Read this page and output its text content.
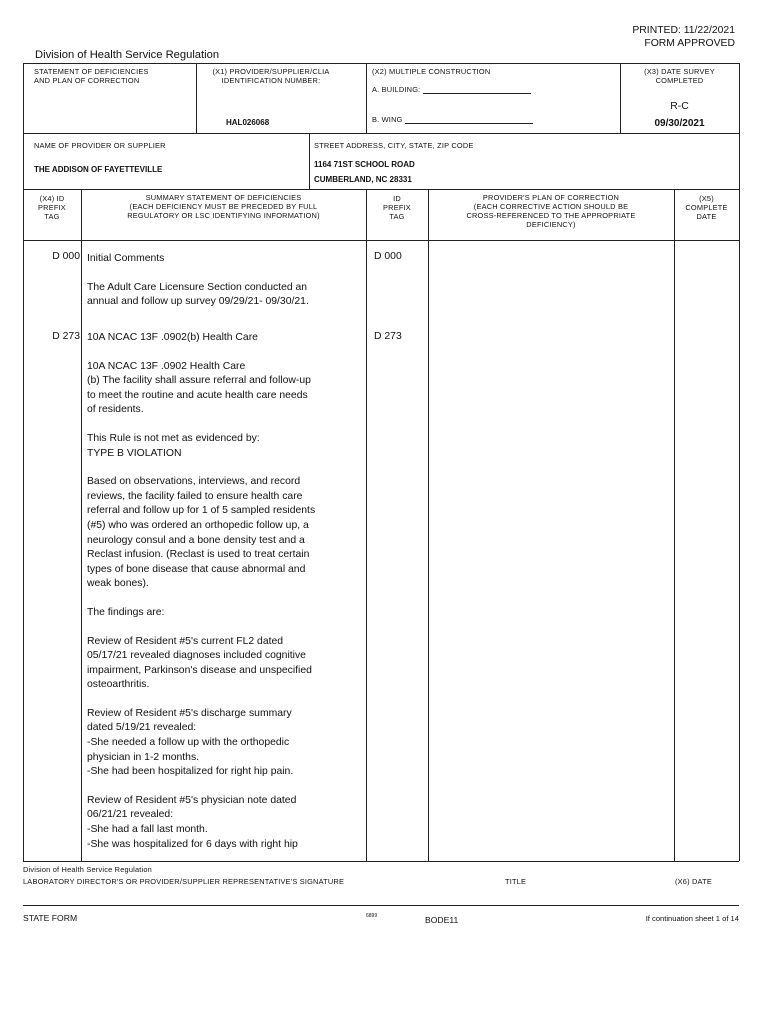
PRINTED: 11/22/2021
FORM APPROVED
Division of Health Service Regulation
STATEMENT OF DEFICIENCIES
AND PLAN OF CORRECTION
(X1) PROVIDER/SUPPLIER/CLIA
IDENTIFICATION NUMBER:
HAL026068
(X2) MULTIPLE CONSTRUCTION
A. BUILDING:
B. WING
(X3) DATE SURVEY
COMPLETED
R-C
09/30/2021
NAME OF PROVIDER OR SUPPLIER
THE ADDISON OF FAYETTEVILLE
STREET ADDRESS, CITY, STATE, ZIP CODE
1164 71ST SCHOOL ROAD
CUMBERLAND, NC 28331
(X4) ID
PREFIX
TAG
SUMMARY STATEMENT OF DEFICIENCIES
(EACH DEFICIENCY MUST BE PRECEDED BY FULL
REGULATORY OR LSC IDENTIFYING INFORMATION)
ID
PREFIX
TAG
PROVIDER'S PLAN OF CORRECTION
(EACH CORRECTIVE ACTION SHOULD BE
CROSS-REFERENCED TO THE APPROPRIATE
DEFICIENCY)
(X5)
COMPLETE
DATE
D 000	D 000

Initial Comments

The Adult Care Licensure Section conducted an
annual and follow up survey 09/29/21- 09/30/21.

D 273	D 273

10A NCAC 13F .0902(b) Health Care

10A NCAC 13F .0902 Health Care
(b) The facility shall assure referral and follow-up
to meet the routine and acute health care needs
of residents.

This Rule is not met as evidenced by:
TYPE B VIOLATION

Based on observations, interviews, and record
reviews, the facility failed to ensure health care
referral and follow up for 1 of 5 sampled residents
(#5) who was ordered an orthopedic follow up, a
neurology consul and a bone density test and a
Reclast infusion. (Reclast is used to treat certain
types of bone disease that cause abnormal and
weak bones).

The findings are:

Review of Resident #5's current FL2 dated
05/17/21 revealed diagnoses included cognitive
impairment, Parkinson's disease and unspecified
osteoarthritis.

Review of Resident #5's discharge summary
dated 5/19/21 revealed:
-She needed a follow up with the orthopedic
physician in 1-2 months.
-She had been hospitalized for right hip pain.

Review of Resident #5's physician note dated
06/21/21 revealed:
-She had a fall last month.
-She was hospitalized for 6 days with right hip

Division of Health Service Regulation
LABORATORY DIRECTOR'S OR PROVIDER/SUPPLIER REPRESENTATIVE'S SIGNATURE	TITLE	(X6) DATE
STATE FORM	6899	BODE11	If continuation sheet 1 of 14
